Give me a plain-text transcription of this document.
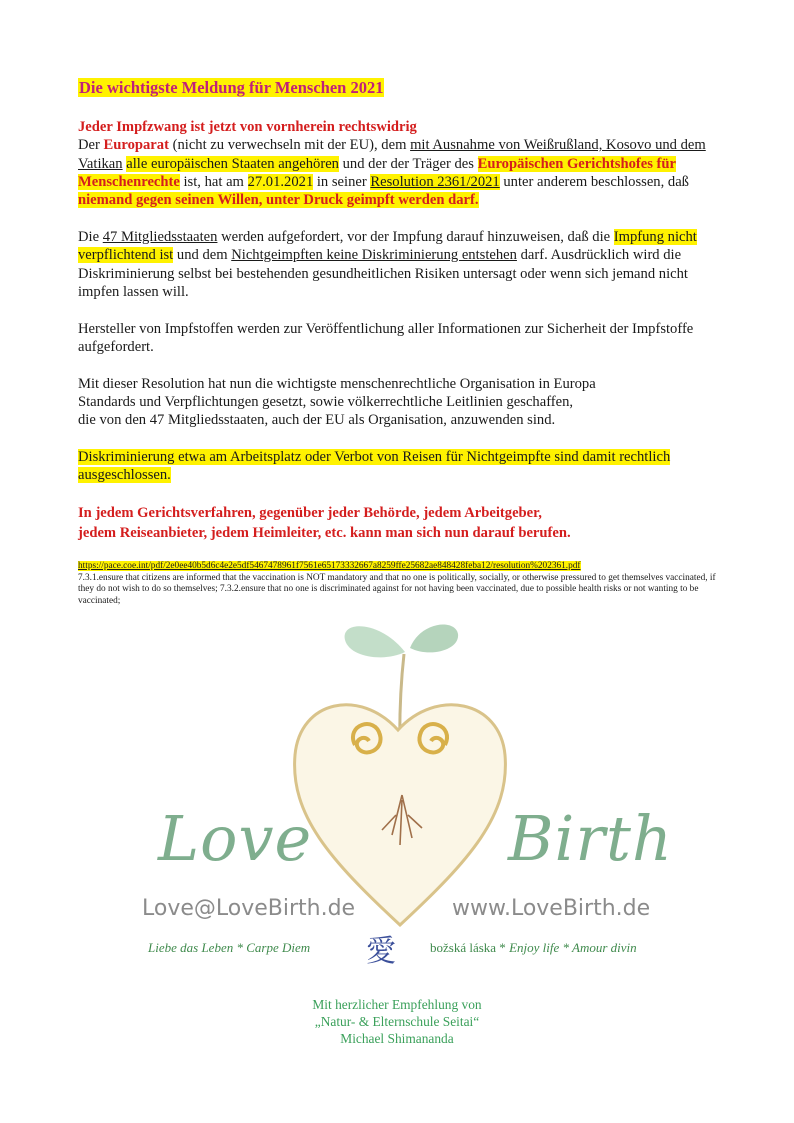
Die wichtigste Meldung für Menschen 2021
Jeder Impfzwang ist jetzt von vornherein rechtswidrig

Der Europarat (nicht zu verwechseln mit der EU), dem mit Ausnahme von Weißrußland, Kosovo und dem Vatikan alle europäischen Staaten angehören und der der Träger des Europäischen Gerichtshofes für Menschenrechte ist, hat am 27.01.2021 in seiner Resolution 2361/2021 unter anderem beschlossen, daß niemand gegen seinen Willen, unter Druck geimpft werden darf.

Die 47 Mitgliedsstaaten werden aufgefordert, vor der Impfung darauf hinzuweisen, daß die Impfung nicht verpflichtend ist und dem Nichtgeimpften keine Diskriminierung entstehen darf. Ausdrücklich wird die Diskriminierung selbst bei bestehenden gesundheitlichen Risiken untersagt oder wenn sich jemand nicht impfen lassen will.

Hersteller von Impfstoffen werden zur Veröffentlichung aller Informationen zur Sicherheit der Impfstoffe aufgefordert.

Mit dieser Resolution hat nun die wichtigste menschenrechtliche Organisation in Europa
Standards und Verpflichtungen gesetzt, sowie völkerrechtliche Leitlinien geschaffen,
die von den 47 Mitgliedsstaaten, auch der EU als Organisation, anzuwenden sind.

Diskriminierung etwa am Arbeitsplatz oder Verbot von Reisen für Nichtgeimpfte sind damit rechtlich ausgeschlossen.

In jedem Gerichtsverfahren, gegenüber jeder Behörde, jedem Arbeitgeber,
jedem Reiseanbieter, jedem Heimleiter, etc. kann man sich nun darauf berufen.

https://pace.coe.int/pdf/2e0ee40b5d6c4e2e5df5467478961f7561e65173332667a8259ffe25682ae848428feba12/resolution%202361.pdf
7.3.1.ensure that citizens are informed that the vaccination is NOT mandatory and that no one is politically, socially, or otherwise pressured to get themselves vaccinated, if they do not wish to do so themselves; 7.3.2.ensure that no one is discriminated against for not having been vaccinated, due to possible health risks or not wanting to be vaccinated;

Love	Birth
Love@LoveBirth.de	www.LoveBirth.de
Liebe das Leben * Carpe Diem 愛	božská láska * Enjoy life * Amour divin
Mit herzlicher Empfehlung von
„Natur- & Elternschule Seitai“
Michael Shimananda
